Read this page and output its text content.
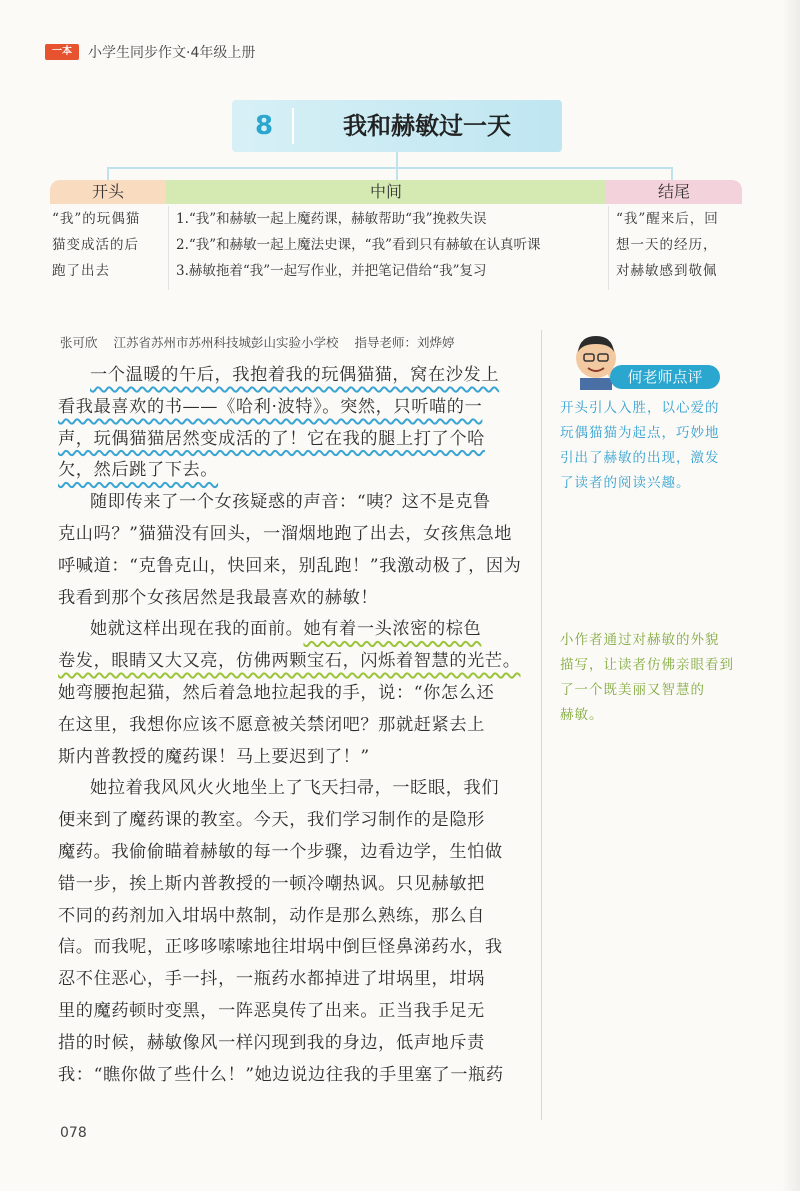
一本	小学生同步作文·4年级上册
8	我和赫敏过一天
开头	中间	结尾
“我”的玩偶猫
猫变成活的后
跑了出去
1.“我”和赫敏一起上魔药课，赫敏帮助“我”挽救失误
2.“我”和赫敏一起上魔法史课，“我”看到只有赫敏在认真听课
3.赫敏拖着“我”一起写作业，并把笔记借给“我”复习
“我”醒来后，回
想一天的经历，
对赫敏感到敬佩
张可欣 江苏省苏州市苏州科技城彭山实验小学校 指导老师：刘烨婷
一个温暖的午后，我抱着我的玩偶猫猫，窝在沙发上
看我最喜欢的书——《哈利·波特》。突然，只听喵的一
声，玩偶猫猫居然变成活的了！它在我的腿上打了个哈
欠，然后跳了下去。
随即传来了一个女孩疑惑的声音：“咦？这不是克鲁
克山吗？”猫猫没有回头，一溜烟地跑了出去，女孩焦急地
呼喊道：“克鲁克山，快回来，别乱跑！”我激动极了，因为
我看到那个女孩居然是我最喜欢的赫敏！
她就这样出现在我的面前。她有着一头浓密的棕色
卷发，眼睛又大又亮，仿佛两颗宝石，闪烁着智慧的光芒。
她弯腰抱起猫，然后着急地拉起我的手，说：“你怎么还
在这里，我想你应该不愿意被关禁闭吧？那就赶紧去上
斯内普教授的魔药课！马上要迟到了！”
她拉着我风风火火地坐上了飞天扫帚，一眨眼，我们
便来到了魔药课的教室。今天，我们学习制作的是隐形
魔药。我偷偷瞄着赫敏的每一个步骤，边看边学，生怕做
错一步，挨上斯内普教授的一顿冷嘲热讽。只见赫敏把
不同的药剂加入坩埚中熬制，动作是那么熟练，那么自
信。而我呢，正哆哆嗦嗦地往坩埚中倒巨怪鼻涕药水，我
忍不住恶心，手一抖，一瓶药水都掉进了坩埚里，坩埚
里的魔药顿时变黑，一阵恶臭传了出来。正当我手足无
措的时候，赫敏像风一样闪现到我的身边，低声地斥责
我：“瞧你做了些什么！”她边说边往我的手里塞了一瓶药
何老师点评
开头引人入胜，以心爱的
玩偶猫猫为起点，巧妙地
引出了赫敏的出现，激发
了读者的阅读兴趣。
小作者通过对赫敏的外貌
描写，让读者仿佛亲眼看到
了一个既美丽又智慧的
赫敏。
078
